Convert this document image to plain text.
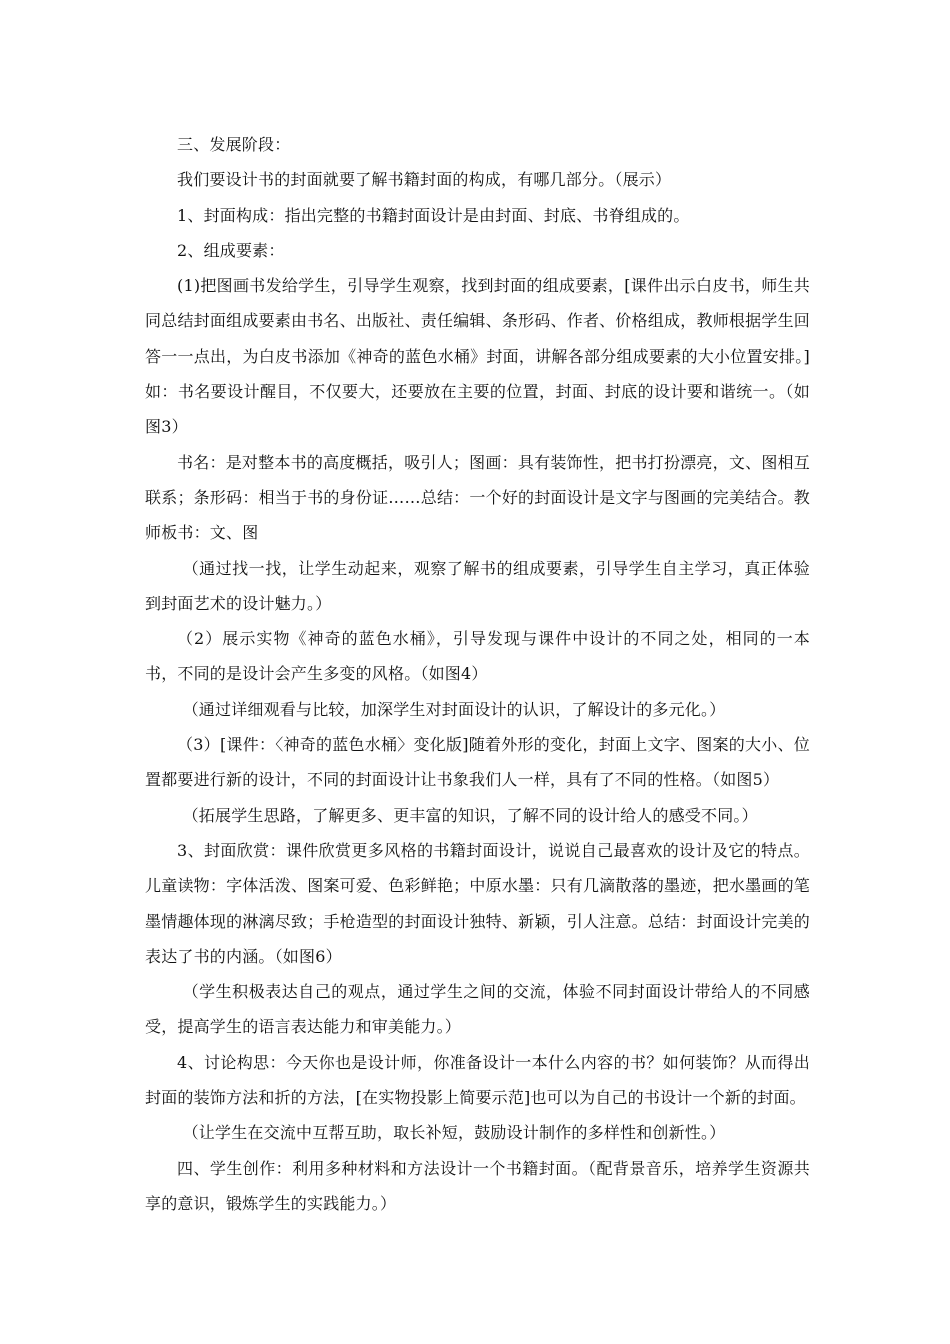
三、发展阶段：

我们要设计书的封面就要了解书籍封面的构成，有哪几部分。（展示）

1、封面构成：指出完整的书籍封面设计是由封面、封底、书脊组成的。

2、组成要素：

(1)把图画书发给学生，引导学生观察，找到封面的组成要素，[课件出示白皮书，师生共同总结封面组成要素由书名、出版社、责任编辑、条形码、作者、价格组成，教师根据学生回答一一点出，为白皮书添加《神奇的蓝色水桶》封面，讲解各部分组成要素的大小位置安排。]如：书名要设计醒目，不仅要大，还要放在主要的位置，封面、封底的设计要和谐统一。（如图3）

书名：是对整本书的高度概括，吸引人；图画：具有装饰性，把书打扮漂亮，文、图相互联系；条形码：相当于书的身份证……总结：一个好的封面设计是文字与图画的完美结合。教师板书：文、图

（通过找一找，让学生动起来，观察了解书的组成要素，引导学生自主学习，真正体验到封面艺术的设计魅力。）

（2）展示实物《神奇的蓝色水桶》，引导发现与课件中设计的不同之处，相同的一本书，不同的是设计会产生多变的风格。（如图4）

（通过详细观看与比较，加深学生对封面设计的认识，了解设计的多元化。）

（3）[课件：〈神奇的蓝色水桶〉变化版]随着外形的变化，封面上文字、图案的大小、位置都要进行新的设计，不同的封面设计让书象我们人一样，具有了不同的性格。（如图5）

（拓展学生思路，了解更多、更丰富的知识，了解不同的设计给人的感受不同。）

3、封面欣赏：课件欣赏更多风格的书籍封面设计，说说自己最喜欢的设计及它的特点。儿童读物：字体活泼、图案可爱、色彩鲜艳；中原水墨：只有几滴散落的墨迹，把水墨画的笔墨情趣体现的淋漓尽致；手枪造型的封面设计独特、新颖，引人注意。总结：封面设计完美的表达了书的内涵。（如图6）

（学生积极表达自己的观点，通过学生之间的交流，体验不同封面设计带给人的不同感受，提高学生的语言表达能力和审美能力。）

4、讨论构思：今天你也是设计师，你准备设计一本什么内容的书？如何装饰？从而得出封面的装饰方法和折的方法，[在实物投影上简要示范]也可以为自己的书设计一个新的封面。

（让学生在交流中互帮互助，取长补短，鼓励设计制作的多样性和创新性。）

四、学生创作：利用多种材料和方法设计一个书籍封面。（配背景音乐，培养学生资源共享的意识，锻炼学生的实践能力。）
